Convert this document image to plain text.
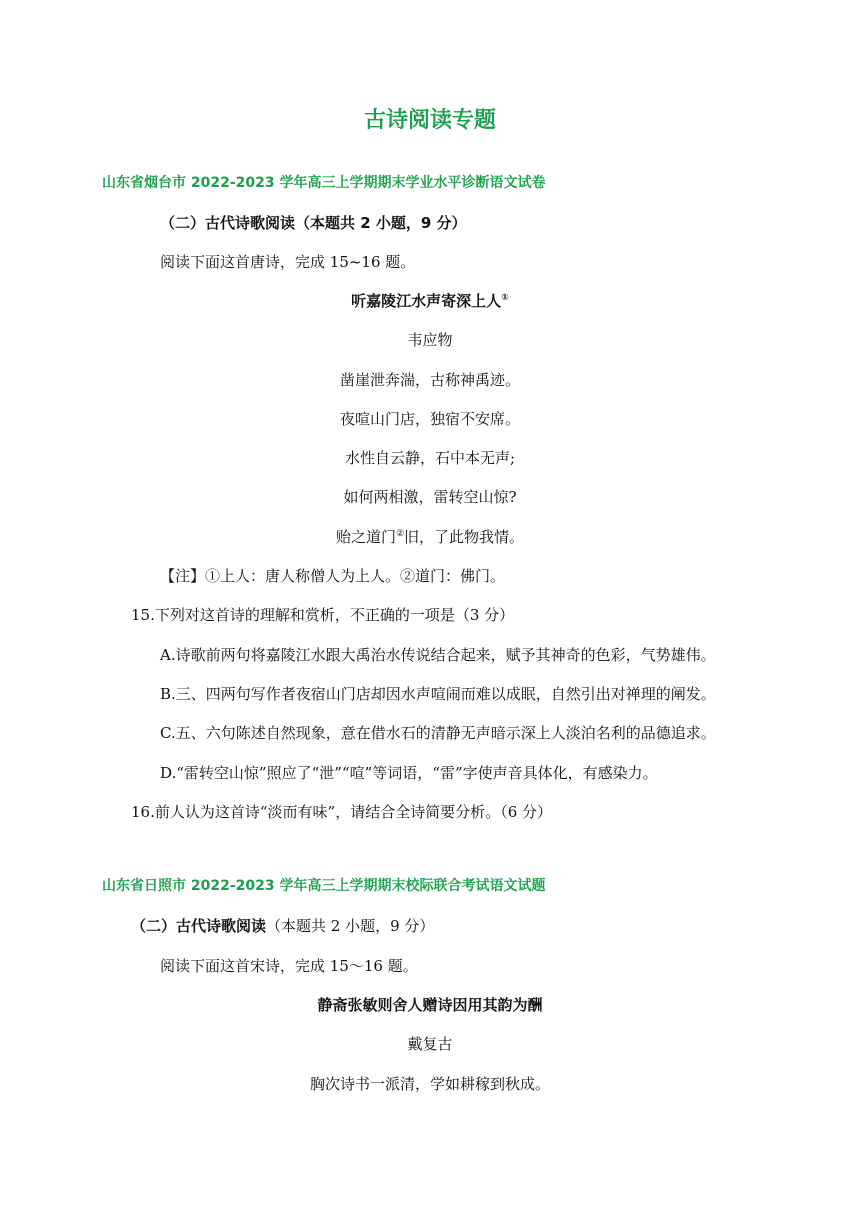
古诗阅读专题
山东省烟台市 2022-2023 学年高三上学期期末学业水平诊断语文试卷
（二）古代诗歌阅读（本题共 2 小题，9 分）
阅读下面这首唐诗，完成 15~16 题。
听嘉陵江水声寄深上人①
韦应物
凿崖泄奔湍，古称神禹迹。
夜喧山门店，独宿不安席。
水性自云静，石中本无声;
如何两相激，雷转空山惊?
贻之道门②旧，了此物我情。
【注】①上人：唐人称僧人为上人。②道门：佛门。
15.下列对这首诗的理解和赏析，不正确的一项是（3 分）
A.诗歌前两句将嘉陵江水跟大禹治水传说结合起来，赋予其神奇的色彩，气势雄伟。
B.三、四两句写作者夜宿山门店却因水声喧闹而难以成眠，自然引出对禅理的阐发。
C.五、六句陈述自然现象，意在借水石的清静无声暗示深上人淡泊名利的品德追求。
D.“雷转空山惊”照应了“泄”“喧”等词语，“雷”字使声音具体化，有感染力。
16.前人认为这首诗“淡而有味”，请结合全诗简要分析。（6 分）
山东省日照市 2022-2023 学年高三上学期期末校际联合考试语文试题
（二）古代诗歌阅读（本题共 2 小题，9 分）
阅读下面这首宋诗，完成 15～16 题。
静斋张敏则舍人赠诗因用其韵为酬
戴复古
胸次诗书一派清，学如耕稼到秋成。
